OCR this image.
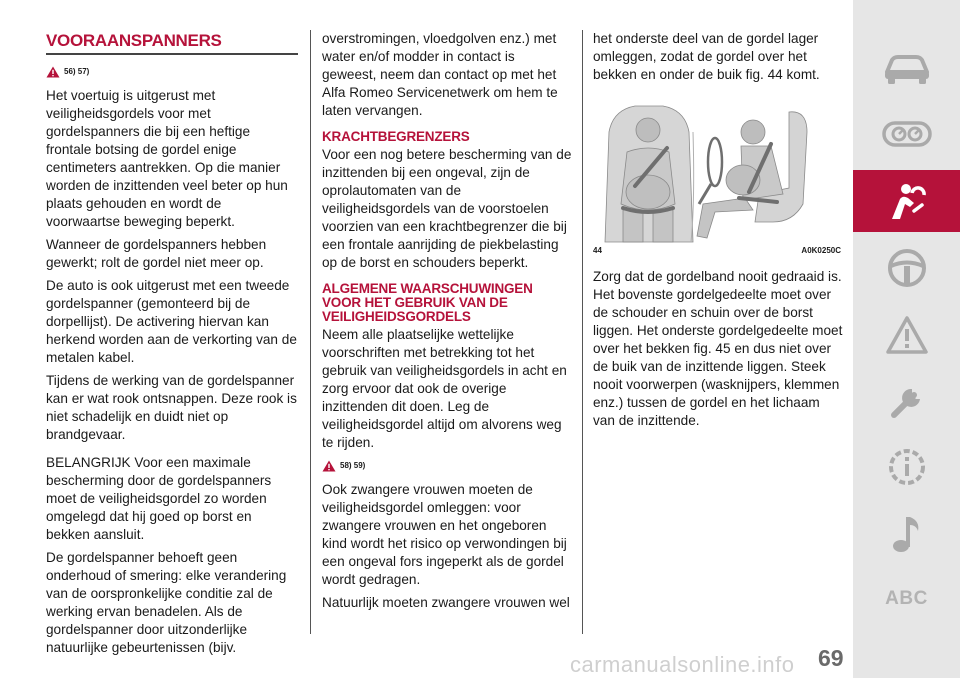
VOORAANSPANNERS
56) 57)

Het voertuig is uitgerust met veiligheidsgordels voor met gordelspanners die bij een heftige frontale botsing de gordel enige centimeters aantrekken. Op die manier worden de inzittenden veel beter op hun plaats gehouden en wordt de voorwaartse beweging beperkt.

Wanneer de gordelspanners hebben gewerkt; rolt de gordel niet meer op.

De auto is ook uitgerust met een tweede gordelspanner (gemonteerd bij de dorpellijst). De activering hiervan kan herkend worden aan de verkorting van de metalen kabel.

Tijdens de werking van de gordelspanner kan er wat rook ontsnappen. Deze rook is niet schadelijk en duidt niet op brandgevaar.

BELANGRIJK Voor een maximale bescherming door de gordelspanners moet de veiligheidsgordel zo worden omgelegd dat hij goed op borst en bekken aansluit.

De gordelspanner behoeft geen onderhoud of smering: elke verandering van de oorspronkelijke conditie zal de werking ervan benadelen. Als de gordelspanner door uitzonderlijke natuurlijke gebeurtenissen (bijv.

overstromingen, vloedgolven enz.) met water en/of modder in contact is geweest, neem dan contact op met het Alfa Romeo Servicenetwerk om hem te laten vervangen.

KRACHTBEGRENZERS

Voor een nog betere bescherming van de inzittenden bij een ongeval, zijn de oprolautomaten van de veiligheidsgordels van de voorstoelen voorzien van een krachtbegrenzer die bij een frontale aanrijding de piekbelasting op de borst en schouders beperkt.

ALGEMENE WAARSCHUWINGEN VOOR HET GEBRUIK VAN DE VEILIGHEIDSGORDELS

Neem alle plaatselijke wettelijke voorschriften met betrekking tot het gebruik van veiligheidsgordels in acht en zorg ervoor dat ook de overige inzittenden dit doen. Leg de veiligheidsgordel altijd om alvorens weg te rijden.

58) 59)

Ook zwangere vrouwen moeten de veiligheidsgordel omleggen: voor zwangere vrouwen en het ongeboren kind wordt het risico op verwondingen bij een ongeval fors ingeperkt als de gordel wordt gedragen.

Natuurlijk moeten zwangere vrouwen wel

het onderste deel van de gordel lager omleggen, zodat de gordel over het bekken en onder de buik fig. 44 komt.

44	A0K0250C

Zorg dat de gordelband nooit gedraaid is. Het bovenste gordelgedeelte moet over de schouder en schuin over de borst liggen. Het onderste gordelgedeelte moet over het bekken fig. 45 en dus niet over de buik van de inzittende liggen. Steek nooit voorwerpen (wasknijpers, klemmen enz.) tussen de gordel en het lichaam van de inzittende.

ABC
carmanualsonline.info 69
